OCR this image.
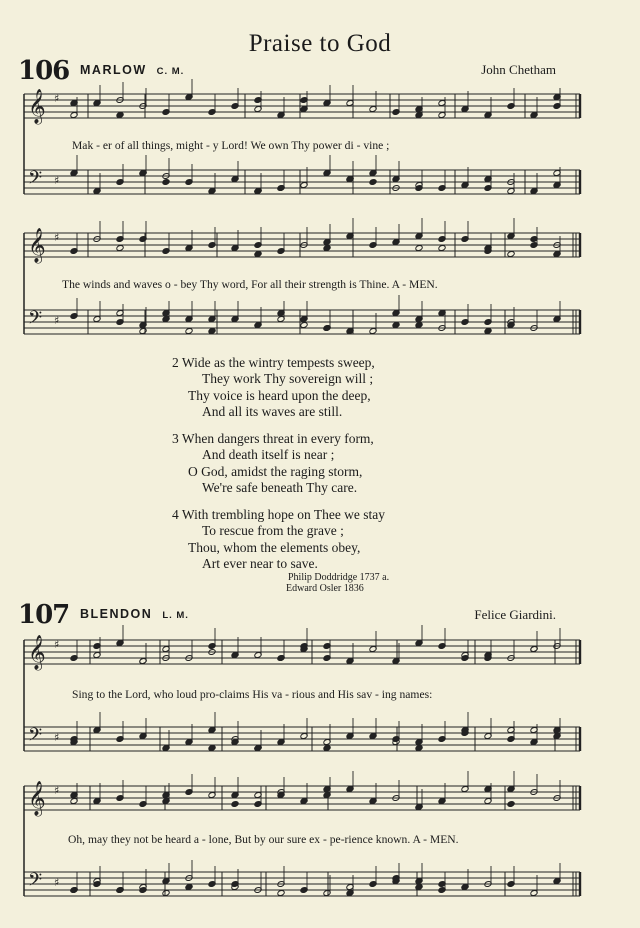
Praise to God
106 MARLOW C. M.	John Chetham
𝄞 ♯
𝄢 ♯
𝄞 ♯
𝄢 ♯
𝄞 ♯
𝄢 ♯
𝄞 ♯
𝄢 ♯
Mak - er of all things, might - y Lord! We own Thy power di - vine ;
The winds and waves o - bey Thy word, For all their strength is Thine. A - MEN.
2 Wide as the wintry tempests sweep,
They work Thy sovereign will ;
Thy voice is heard upon the deep,
And all its waves are still.
3 When dangers threat in every form,
And death itself is near ;
O God, amidst the raging storm,
We're safe beneath Thy care.
4 With trembling hope on Thee we stay
To rescue from the grave ;
Thou, whom the elements obey,
Art ever near to save.
Philip Doddridge 1737 a.
Edward Osler 1836
107 BLENDON L. M.	Felice Giardini.
Sing to the Lord, who loud pro-claims His va - rious and His sav - ing names:
Oh, may they not be heard a - lone, But by our sure ex - pe-rience known. A - MEN.
